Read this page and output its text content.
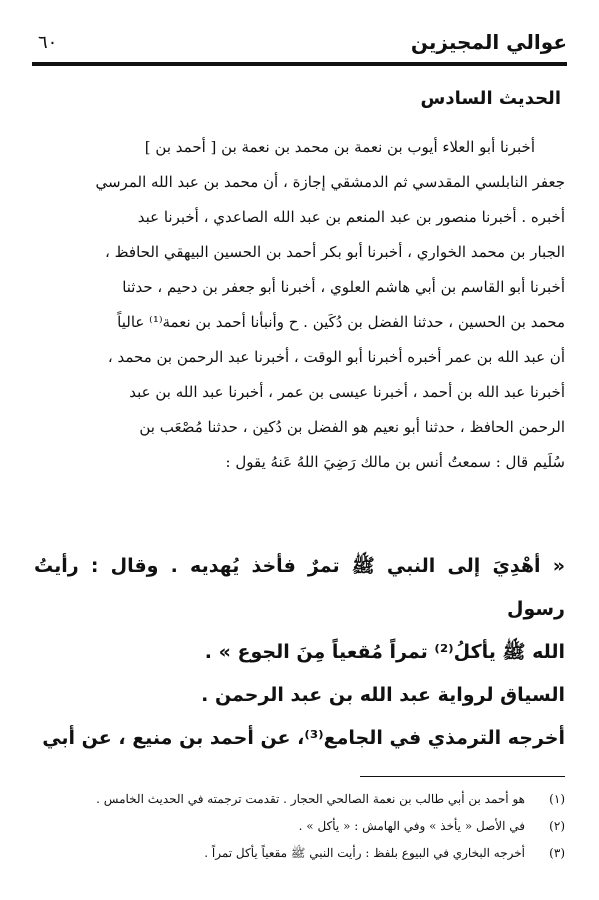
عوالي المجيزين
٦٠
الحديث السادس

أخبرنا أبو العلاء أيوب بن نعمة بن محمد بن نعمة بن [ أحمد بن ]

جعفر النابلسي المقدسي ثم الدمشقي إجازة ، أن محمد بن عبد الله المرسي

أخبره . أخبرنا منصور بن عبد المنعم بن عبد الله الصاعدي ، أخبرنا عبد

الجبار بن محمد الخواري ، أخبرنا أبو بكر أحمد بن الحسين البيهقي الحافظ ،

أخبرنا أبو القاسم بن أبي هاشم العلوي ، أخبرنا أبو جعفر بن دحيم ، حدثنا

محمد بن الحسين ، حدثنا الفضل بن دُكَين . ح وأنبأنا أحمد بن نعمة⁽¹⁾ عالياً

أن عبد الله بن عمر أخبره أخبرنا أبو الوقت ، أخبرنا عبد الرحمن بن محمد ،

أخبرنا عبد الله بن أحمد ، أخبرنا عيسى بن عمر ، أخبرنا عبد الله بن عبد

الرحمن الحافظ ، حدثنا أبو نعيم هو الفضل بن دُكين ، حدثنا مُصْعَب بن

سُلَيم قال : سمعتُ أنس بن مالك رَضِيَ اللهُ عَنهُ يقول :

« أهْدِيَ إلى النبي ﷺ تمرٌ فأخذ يُهديه . وقال : رأيتُ رسول

الله ﷺ يأكلُ⁽²⁾ تمراً مُقعياً مِنَ الجوع » .

السياق لرواية عبد الله بن عبد الرحمن .

أخرجه الترمذي في الجامع⁽³⁾، عن أحمد بن منيع ، عن أبي

(١)
هو أحمد بن أبي طالب بن نعمة الصالحي الحجار . تقدمت ترجمته في الحديث الخامس .
(٢)
في الأصل « يأخذ » وفي الهامش : « يأكل » .
(٣)
أخرجه البخاري في البيوع بلفظ : رأيت النبي ﷺ مقعياً يأكل تمراً .
